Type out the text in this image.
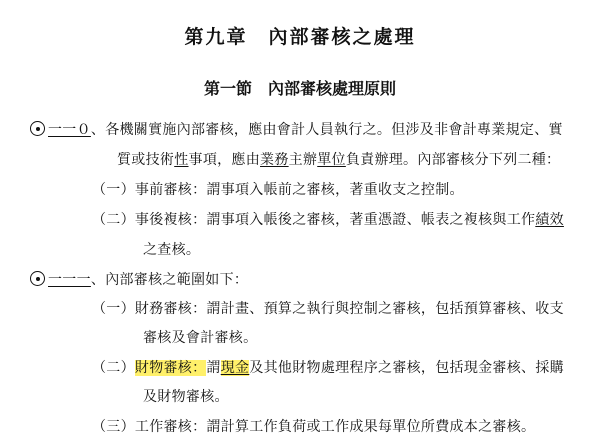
第九章　內部審核之處理
第一節　內部審核處理原則
一一０、各機關實施內部審核，應由會計人員執行之。但涉及非會計專業規定、實
質或技術性事項，應由業務主辦單位負責辦理。內部審核分下列二種：
（一）事前審核：謂事項入帳前之審核，著重收支之控制。
（二）事後複核：謂事項入帳後之審核，著重憑證、帳表之複核與工作績效
之查核。
一一一、內部審核之範圍如下：
（一）財務審核：謂計畫、預算之執行與控制之審核，包括預算審核、收支
審核及會計審核。
（二）財物審核：謂現金及其他財物處理程序之審核，包括現金審核、採購
及財物審核。
（三）工作審核：謂計算工作負荷或工作成果每單位所費成本之審核。
